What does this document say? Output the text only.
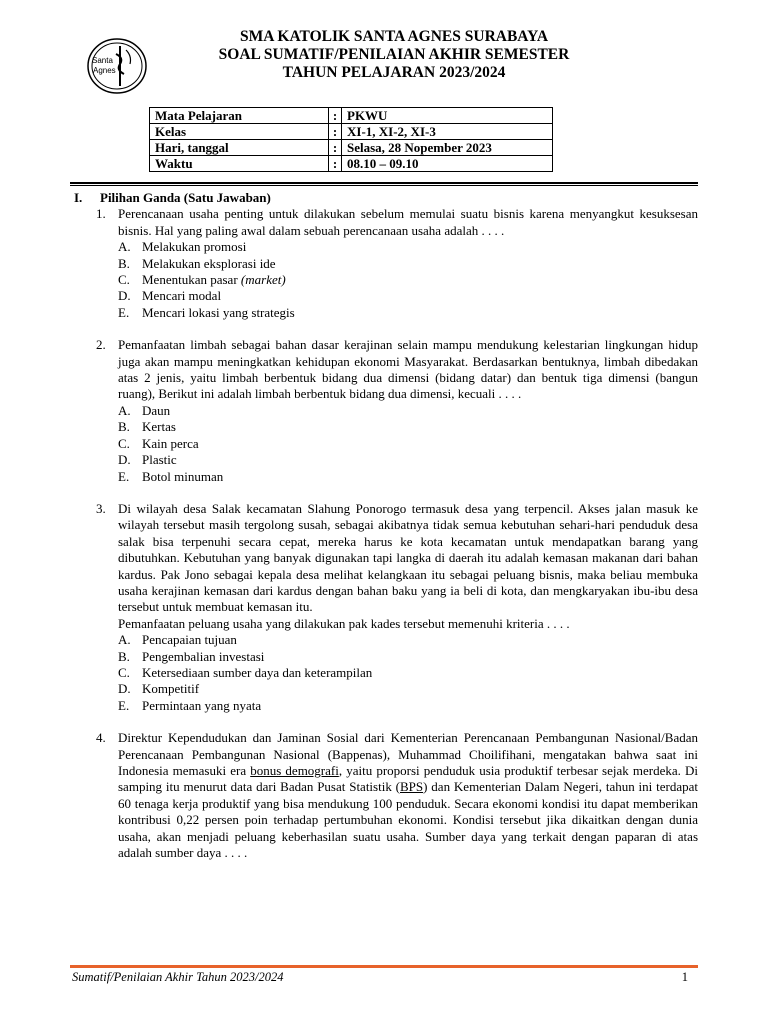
Santa
Agnes
SMA KATOLIK SANTA AGNES SURABAYA
SOAL SUMATIF/PENILAIAN AKHIR SEMESTER
TAHUN PELAJARAN 2023/2024
Mata Pelajaran	:	PKWU
Kelas	:	XI-1, XI-2, XI-3
Hari, tanggal	:	Selasa, 28 Nopember 2023
Waktu	:	08.10 – 09.10
I.	Pilihan Ganda (Satu Jawaban)
1. Perencanaan usaha penting untuk dilakukan sebelum memulai suatu bisnis karena menyangkut kesuksesan bisnis. Hal yang paling awal dalam sebuah perencanaan usaha adalah . . . .
A. Melakukan promosi
B. Melakukan eksplorasi ide
C. Menentukan pasar (market)
D. Mencari modal
E. Mencari lokasi yang strategis
2. Pemanfaatan limbah sebagai bahan dasar kerajinan selain mampu mendukung kelestarian lingkungan hidup juga akan mampu meningkatkan kehidupan ekonomi Masyarakat. Berdasarkan bentuknya, limbah dibedakan atas 2 jenis, yaitu limbah berbentuk bidang dua dimensi (bidang datar) dan bentuk tiga dimensi (bangun ruang), Berikut ini adalah limbah berbentuk bidang dua dimensi, kecuali . . . .
A. Daun
B. Kertas
C. Kain perca
D. Plastic
E. Botol minuman
3. Di wilayah desa Salak kecamatan Slahung Ponorogo termasuk desa yang terpencil. Akses jalan masuk ke wilayah tersebut masih tergolong susah, sebagai akibatnya tidak semua kebutuhan sehari-hari penduduk desa salak bisa terpenuhi secara cepat, mereka harus ke kota kecamatan untuk mendapatkan barang yang dibutuhkan. Kebutuhan yang banyak digunakan tapi langka di daerah itu adalah kemasan makanan dari bahan kardus. Pak Jono sebagai kepala desa melihat kelangkaan itu sebagai peluang bisnis, maka beliau membuka usaha kerajinan kemasan dari kardus dengan bahan baku yang ia beli di kota, dan mengkaryakan ibu-ibu desa tersebut untuk membuat kemasan itu.
Pemanfaatan peluang usaha yang dilakukan pak kades tersebut memenuhi kriteria . . . .
A. Pencapaian tujuan
B. Pengembalian investasi
C. Ketersediaan sumber daya dan keterampilan
D. Kompetitif
E. Permintaan yang nyata
4. Direktur Kependudukan dan Jaminan Sosial dari Kementerian Perencanaan Pembangunan Nasional/Badan Perencanaan Pembangunan Nasional (Bappenas), Muhammad Choilifihani, mengatakan bahwa saat ini Indonesia memasuki era bonus demografi, yaitu proporsi penduduk usia produktif terbesar sejak merdeka. Di samping itu menurut data dari Badan Pusat Statistik (BPS) dan Kementerian Dalam Negeri, tahun ini terdapat 60 tenaga kerja produktif yang bisa mendukung 100 penduduk. Secara ekonomi kondisi itu dapat memberikan kontribusi 0,22 persen poin terhadap pertumbuhan ekonomi. Kondisi tersebut jika dikaitkan dengan dunia usaha, akan menjadi peluang keberhasilan suatu usaha. Sumber daya yang terkait dengan paparan di atas adalah sumber daya . . . .
Sumatif/Penilaian Akhir Tahun 2023/2024	1
